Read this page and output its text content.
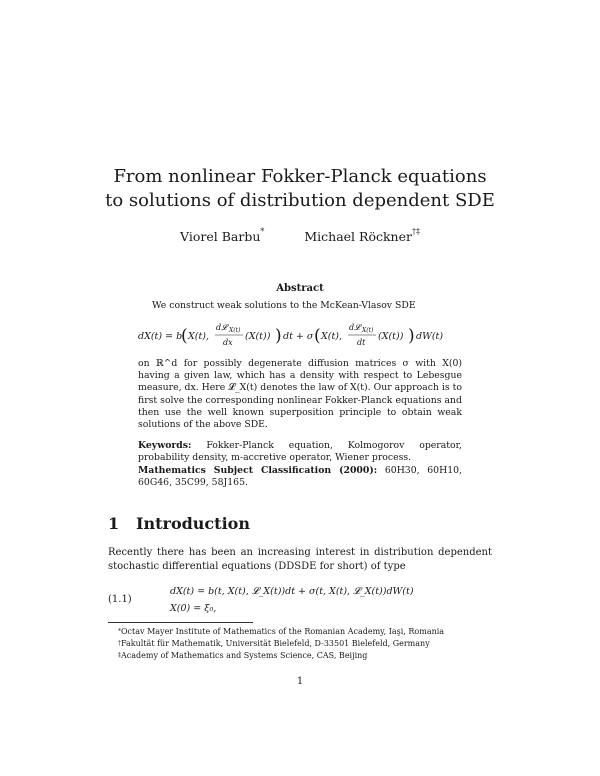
From nonlinear Fokker-Planck equations
to solutions of distribution dependent SDE
Viorel Barbu*	Michael Röckner†‡
Abstract
We construct weak solutions to the McKean-Vlasov SDE
dX(t) = b
( X(t),
d𝓛 X(t)
dx
(X(t)) ) dt + σ ( X(t),
d𝓛 X(t)
dt
(X(t)) ) dW(t)
on ℝ^d for possibly degenerate diffusion matrices σ with X(0) having a given law, which has a density with respect to Lebesgue measure, dx. Here 𝓛_X(t) denotes the law of X(t). Our approach is to first solve the corresponding nonlinear Fokker-Planck equations and then use the well known superposition principle to obtain weak solutions of the above SDE.
Keywords: Fokker-Planck equation, Kolmogorov operator, probability density, m-accretive operator, Wiener process.
Mathematics Subject Classification (2000): 60H30, 60H10, 60G46, 35C99, 58J165.
1 Introduction
Recently there has been an increasing interest in distribution dependent stochastic differential equations (DDSDE for short) of type
(1.1)
dX(t) = b(t, X(t), 𝓛_X(t))dt + σ(t, X(t), 𝓛_X(t))dW(t)
X(0) = ξ₀,
*Octav Mayer Institute of Mathematics of the Romanian Academy, Iaşi, Romania
†Fakultät für Mathematik, Universität Bielefeld, D-33501 Bielefeld, Germany
‡Academy of Mathematics and Systems Science, CAS, Beijing
1
